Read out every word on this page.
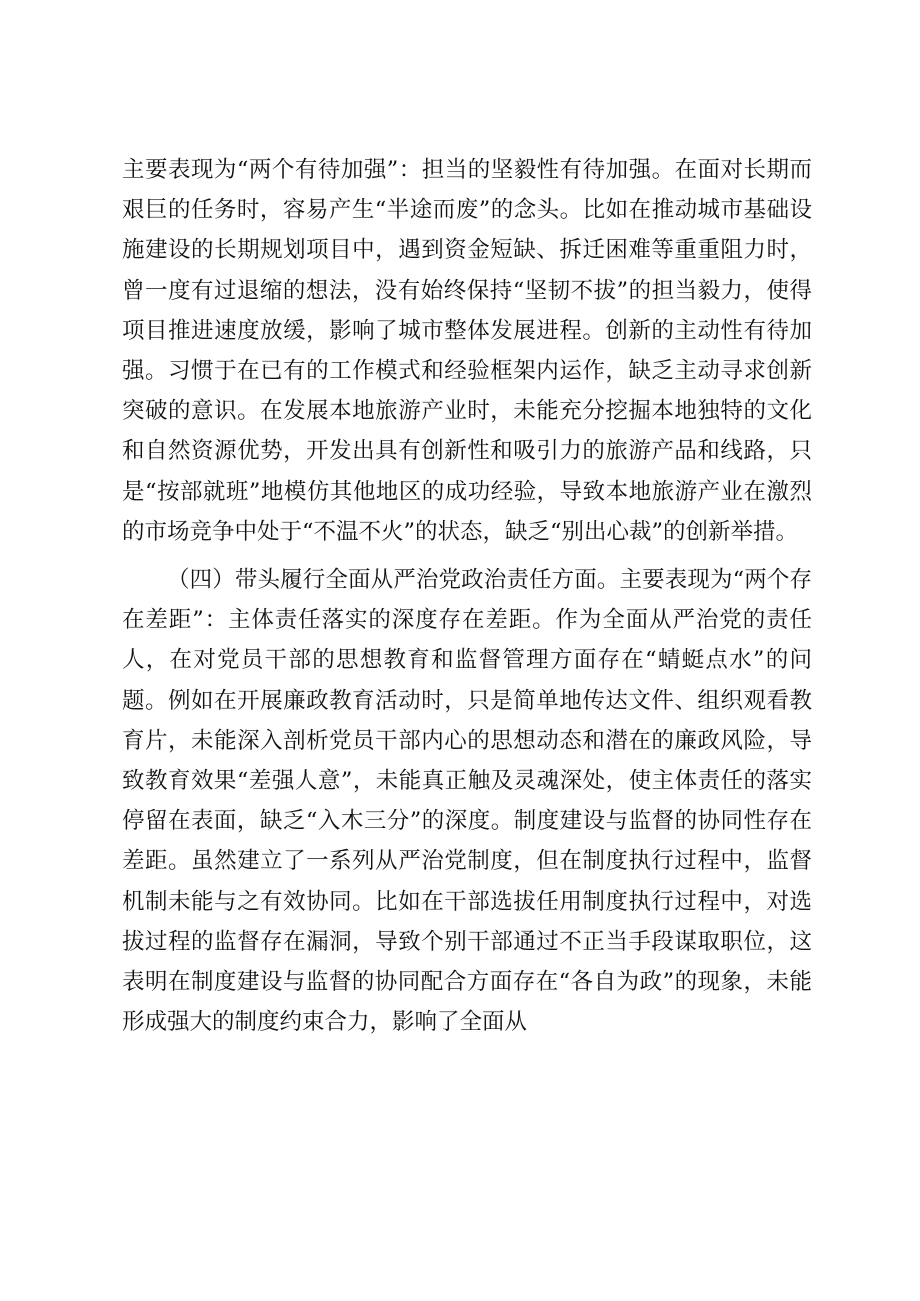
主要表现为“两个有待加强”：担当的坚毅性有待加强。在面对长期而艰巨的任务时，容易产生“半途而废”的念头。比如在推动城市基础设施建设的长期规划项目中，遇到资金短缺、拆迁困难等重重阻力时，曾一度有过退缩的想法，没有始终保持“坚韧不拔”的担当毅力，使得项目推进速度放缓，影响了城市整体发展进程。创新的主动性有待加强。习惯于在已有的工作模式和经验框架内运作，缺乏主动寻求创新突破的意识。在发展本地旅游产业时，未能充分挖掘本地独特的文化和自然资源优势，开发出具有创新性和吸引力的旅游产品和线路，只是“按部就班”地模仿其他地区的成功经验，导致本地旅游产业在激烈的市场竞争中处于“不温不火”的状态，缺乏“别出心裁”的创新举措。

（四）带头履行全面从严治党政治责任方面。主要表现为“两个存在差距”：主体责任落实的深度存在差距。作为全面从严治党的责任人，在对党员干部的思想教育和监督管理方面存在“蜻蜓点水”的问题。例如在开展廉政教育活动时，只是简单地传达文件、组织观看教育片，未能深入剖析党员干部内心的思想动态和潜在的廉政风险，导致教育效果“差强人意”，未能真正触及灵魂深处，使主体责任的落实停留在表面，缺乏“入木三分”的深度。制度建设与监督的协同性存在差距。虽然建立了一系列从严治党制度，但在制度执行过程中，监督机制未能与之有效协同。比如在干部选拔任用制度执行过程中，对选拔过程的监督存在漏洞，导致个别干部通过不正当手段谋取职位，这表明在制度建设与监督的协同配合方面存在“各自为政”的现象，未能形成强大的制度约束合力，影响了全面从
